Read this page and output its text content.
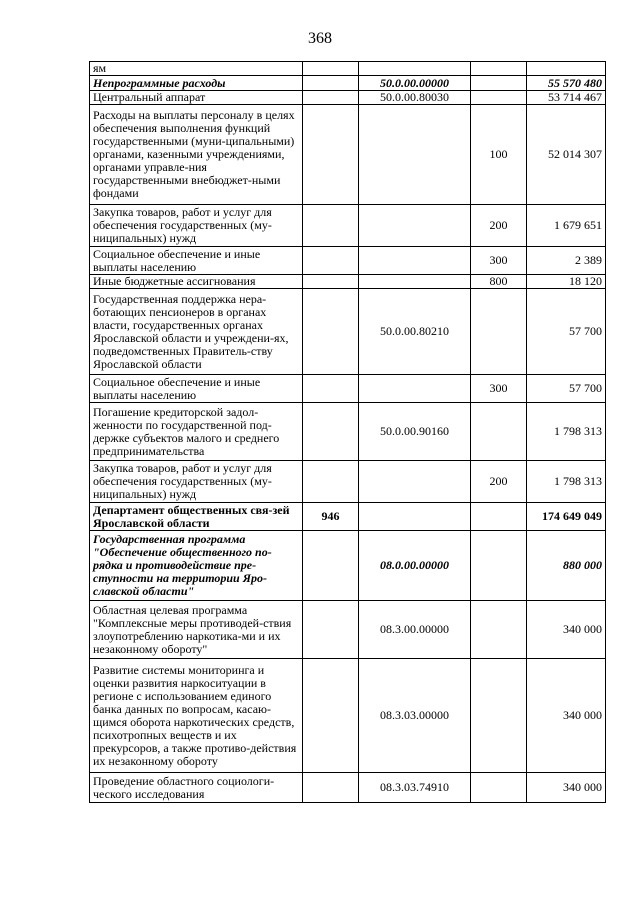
368
ям				
Непрограммные расходы		50.0.00.00000		55 570 480
Центральный аппарат		50.0.00.80030		53 714 467
Расходы на выплаты персоналу в целях обеспечения выполнения функций государственными (муни-ципальными) органами, казенными учреждениями, органами управле-ния государственными внебюджет-ными фондами			100	52 014 307
Закупка товаров, работ и услуг для обеспечения государственных (му-ниципальных) нужд			200	1 679 651
Социальное обеспечение и иные выплаты населению			300	2 389
Иные бюджетные ассигнования			800	18 120
Государственная поддержка нера-ботающих пенсионеров в органах власти, государственных органах Ярославской области и учреждени-ях, подведомственных Правитель-ству Ярославской области		50.0.00.80210		57 700
Социальное обеспечение и иные выплаты населению			300	57 700
Погашение кредиторской задол-женности по государственной под-держке субъектов малого и среднего предпринимательства		50.0.00.90160		1 798 313
Закупка товаров, работ и услуг для обеспечения государственных (му-ниципальных) нужд			200	1 798 313
Департамент общественных свя-зей Ярославской области	946			174 649 049
Государственная программа "Обеспечение общественного по-рядка и противодействие пре-ступности на территории Яро-славской области"		08.0.00.00000		880 000
Областная целевая программа "Комплексные меры противодей-ствия злоупотреблению наркотика-ми и их незаконному обороту"		08.3.00.00000		340 000
Развитие системы мониторинга и оценки развития наркоситуации в регионе с использованием единого банка данных по вопросам, касаю-щимся оборота наркотических средств, психотропных веществ и их прекурсоров, а также противо-действия их незаконному обороту		08.3.03.00000		340 000
Проведение областного социологи-ческого исследования		08.3.03.74910		340 000
